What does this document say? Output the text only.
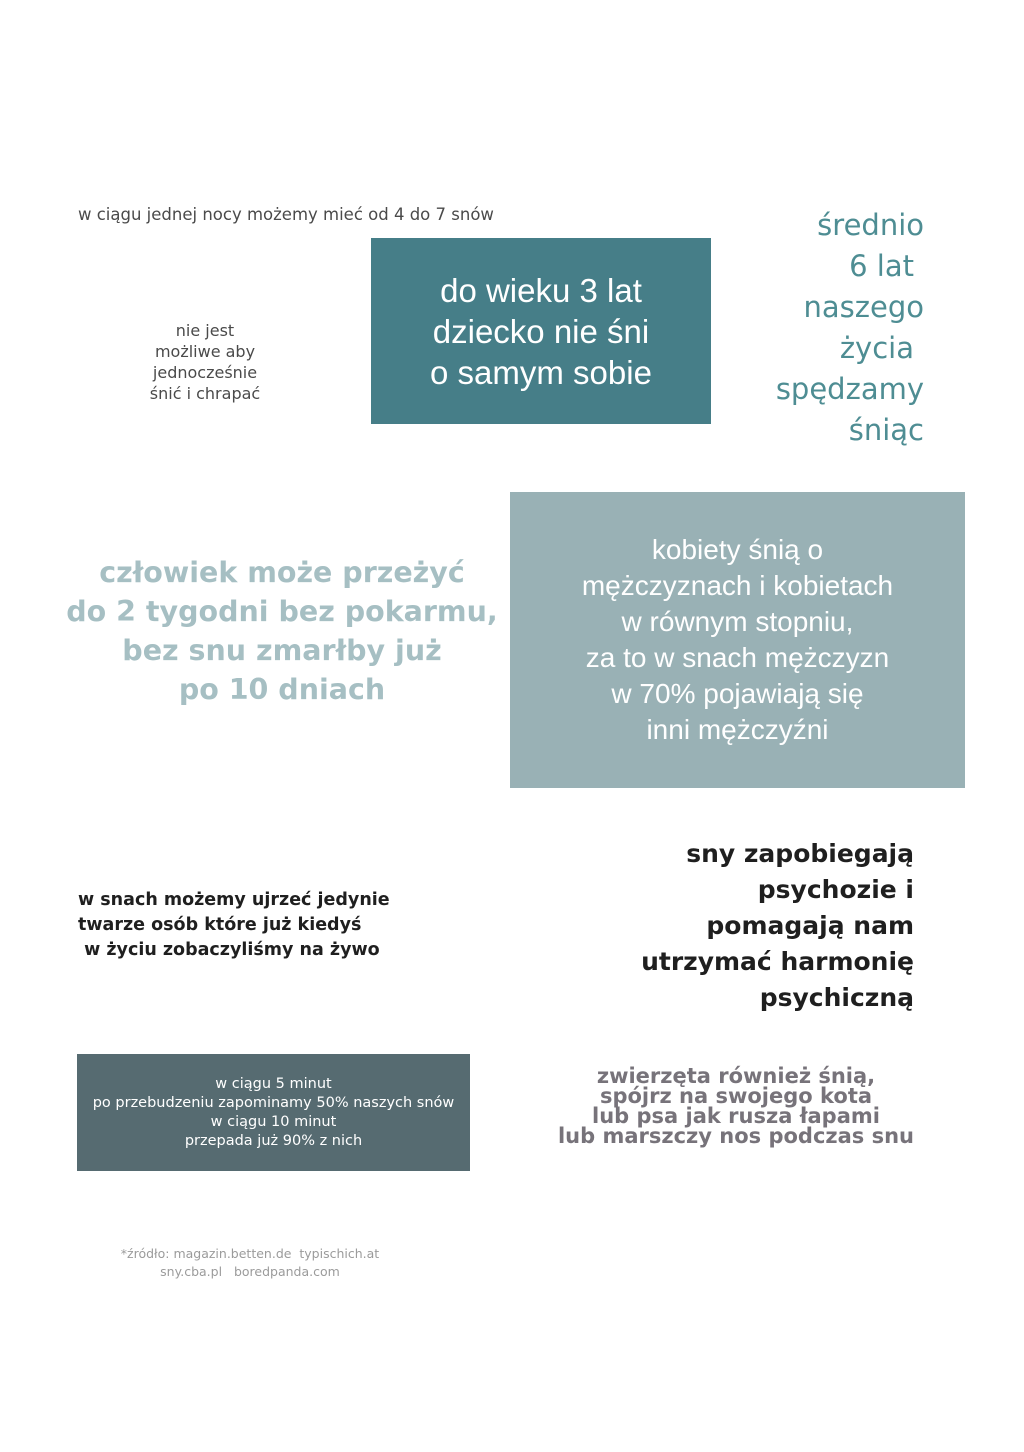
w ciągu jednej nocy możemy mieć od 4 do 7 snów
nie jest
możliwe aby
jednocześnie
śnić i chrapać
do wieku 3 lat
dziecko nie śni
o samym sobie
średnio
6 lat
naszego
życia
spędzamy
śniąc
człowiek może przeżyć
do 2 tygodni bez pokarmu,
bez snu zmarłby już
po 10 dniach
kobiety śnią o
mężczyznach i kobietach
w równym stopniu,
za to w snach mężczyzn
w 70% pojawiają się
inni mężczyźni
w snach możemy ujrzeć jedynie
twarze osób które już kiedyś
w życiu zobaczyliśmy na żywo
sny zapobiegają
psychozie i
pomagają nam
utrzymać harmonię
psychiczną
w ciągu 5 minut
po przebudzeniu zapominamy 50% naszych snów
w ciągu 10 minut
przepada już 90% z nich
zwierzęta również śnią,
spójrz na swojego kota
lub psa jak rusza łapami
lub marszczy nos podczas snu
*źródło: magazin.betten.de  typischich.at
sny.cba.pl   boredpanda.com
